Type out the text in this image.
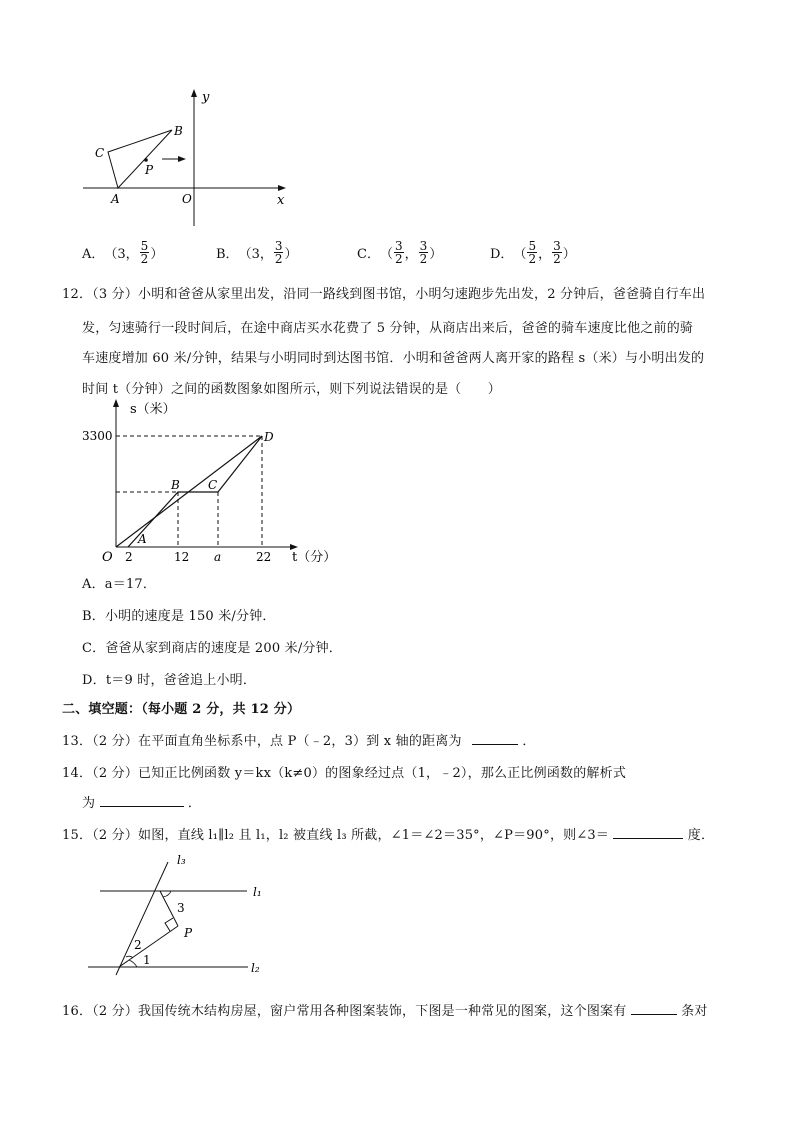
y
x
O
A
B
C
P
A． （3， $\frac{5}{2}$ ）	B． （3， $\frac{3}{2}$ ）	C． （ $\frac{3}{2}$ ， $\frac{3}{2}$ ）	D． （ $\frac{5}{2}$ ， $\frac{3}{2}$ ）
12．（3 分）小明和爸爸从家里出发，沿同一路线到图书馆，小明匀速跑步先出发，2 分钟后，爸爸骑自行车出
发，匀速骑行一段时间后，在途中商店买水花费了 5 分钟，从商店出来后，爸爸的骑车速度比他之前的骑
车速度增加 60 米/分钟，结果与小明同时到达图书馆．小明和爸爸两人离开家的路程 s（米）与小明出发的
时间 t（分钟）之间的函数图象如图所示，则下列说法错误的是（　　）
s（米）
t（分）
3300
O 2	12 a	22
A
B C
D
A．a＝17．
B．小明的速度是 150 米/分钟．
C．爸爸从家到商店的速度是 200 米/分钟．
D．t＝9 时，爸爸追上小明．
二、填空题：（每小题 2 分，共 12 分）
13．（2 分）在平面直角坐标系中，点 P（﹣2，3）到 x 轴的距离为	．
14．（2 分）已知正比例函数 y＝kx（k≠0）的图象经过点（1，﹣2），那么正比例函数的解析式
为	．
15．（2 分）如图，直线 l₁∥l₂ 且 l₁，l₂ 被直线 l₃ 所截，∠1＝∠2＝35°，∠P＝90°，则∠3＝	度．
l₃
l₁
l₂
3
P
2
1
16．（2 分）我国传统木结构房屋，窗户常用各种图案装饰，下图是一种常见的图案，这个图案有	条对
